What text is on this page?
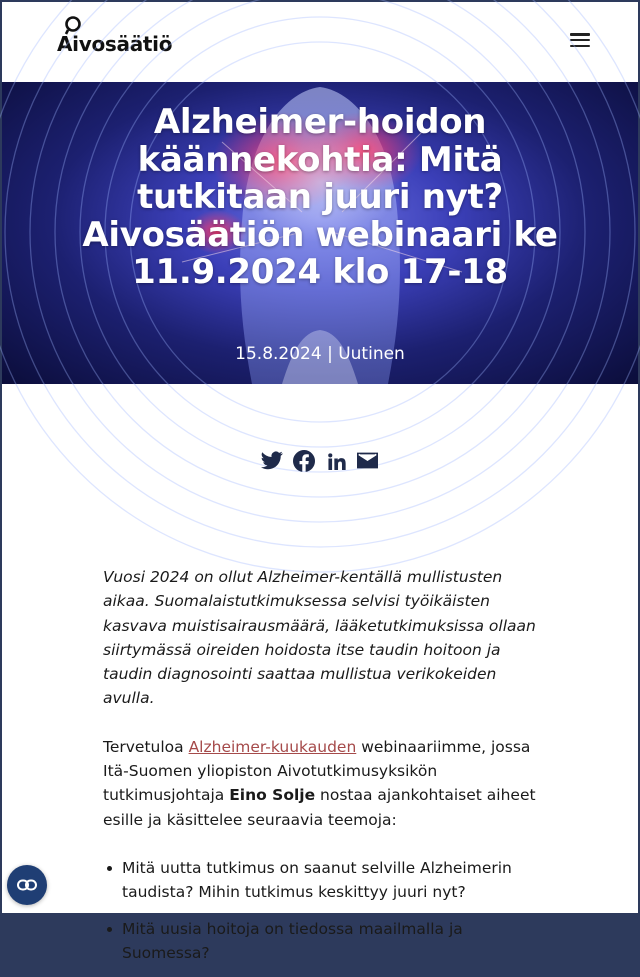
Aivosäätiö
Alzheimer-hoidon käännekohtia: Mitä tutkitaan juuri nyt? Aivosäätiön webinaari ke 11.9.2024 klo 17-18
15.8.2024 | Uutinen

Vuosi 2024 on ollut Alzheimer-kentällä mullistusten aikaa. Suomalaistutkimuksessa selvisi työikäisten kasvava muistisairausmäärä, lääketutkimuksissa ollaan siirtymässä oireiden hoidosta itse taudin hoitoon ja taudin diagnosointi saattaa mullistua verikokeiden avulla.

Tervetuloa Alzheimer-kuukauden webinaariimme, jossa Itä-Suomen yliopiston Aivotutkimusyksikön tutkimusjohtaja Eino Solje nostaa ajankohtaiset aiheet esille ja käsittelee seuraavia teemoja:

Mitä uutta tutkimus on saanut selville Alzheimerin taudista? Mihin tutkimus keskittyy juuri nyt?
Mitä uusia hoitoja on tiedossa maailmalla ja Suomessa?
